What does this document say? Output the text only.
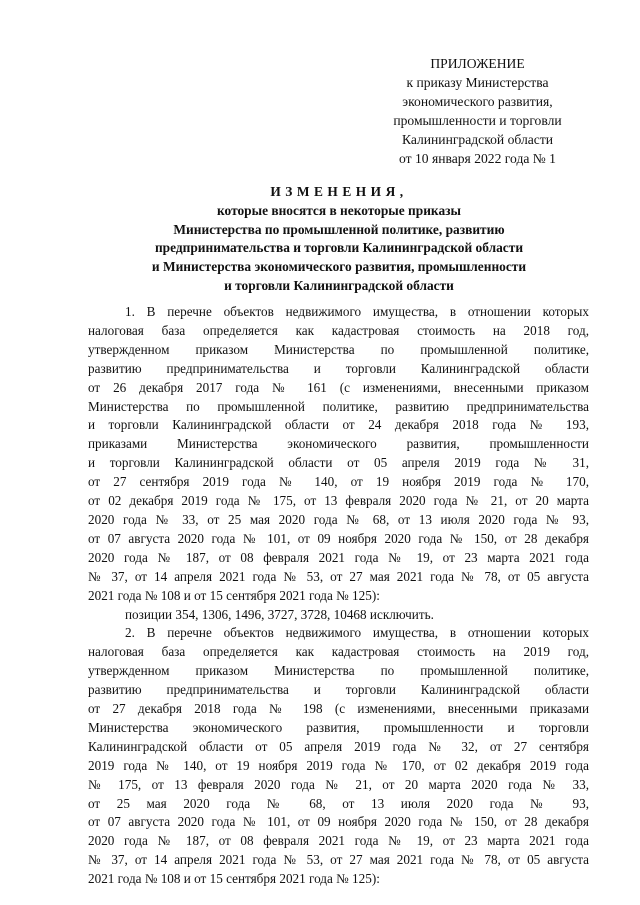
ПРИЛОЖЕНИЕ
к приказу Министерства
экономического развития,
промышленности и торговли
Калининградской области
от 10 января 2022 года № 1
ИЗМЕНЕНИЯ,
которые вносятся в некоторые приказы
Министерства по промышленной политике, развитию
предпринимательства и торговли Калининградской области
и Министерства экономического развития, промышленности
и торговли Калининградской области
1. В перечне объектов недвижимого имущества, в отношении которых
налоговая база определяется как кадастровая стоимость на 2018 год,
утвержденном приказом Министерства по промышленной политике,
развитию предпринимательства и торговли Калининградской области
от 26 декабря 2017 года № 161 (с изменениями, внесенными приказом
Министерства по промышленной политике, развитию предпринимательства
и торговли Калининградской области от 24 декабря 2018 года № 193,
приказами Министерства экономического развития, промышленности
и торговли Калининградской области от 05 апреля 2019 года № 31,
от 27 сентября 2019 года № 140, от 19 ноября 2019 года № 170,
от 02 декабря 2019 года № 175, от 13 февраля 2020 года № 21, от 20 марта
2020 года № 33, от 25 мая 2020 года № 68, от 13 июля 2020 года № 93,
от 07 августа 2020 года № 101, от 09 ноября 2020 года № 150, от 28 декабря
2020 года № 187, от 08 февраля 2021 года № 19, от 23 марта 2021 года
№ 37, от 14 апреля 2021 года № 53, от 27 мая 2021 года № 78, от 05 августа
2021 года № 108 и от 15 сентября 2021 года № 125):

позиции 354, 1306, 1496, 3727, 3728, 10468 исключить.

2. В перечне объектов недвижимого имущества, в отношении которых
налоговая база определяется как кадастровая стоимость на 2019 год,
утвержденном приказом Министерства по промышленной политике,
развитию предпринимательства и торговли Калининградской области
от 27 декабря 2018 года № 198 (с изменениями, внесенными приказами
Министерства экономического развития, промышленности и торговли
Калининградской области от 05 апреля 2019 года № 32, от 27 сентября
2019 года № 140, от 19 ноября 2019 года № 170, от 02 декабря 2019 года
№ 175, от 13 февраля 2020 года № 21, от 20 марта 2020 года № 33,
от 25 мая 2020 года № 68, от 13 июля 2020 года № 93,
от 07 августа 2020 года № 101, от 09 ноября 2020 года № 150, от 28 декабря
2020 года № 187, от 08 февраля 2021 года № 19, от 23 марта 2021 года
№ 37, от 14 апреля 2021 года № 53, от 27 мая 2021 года № 78, от 05 августа
2021 года № 108 и от 15 сентября 2021 года № 125):
